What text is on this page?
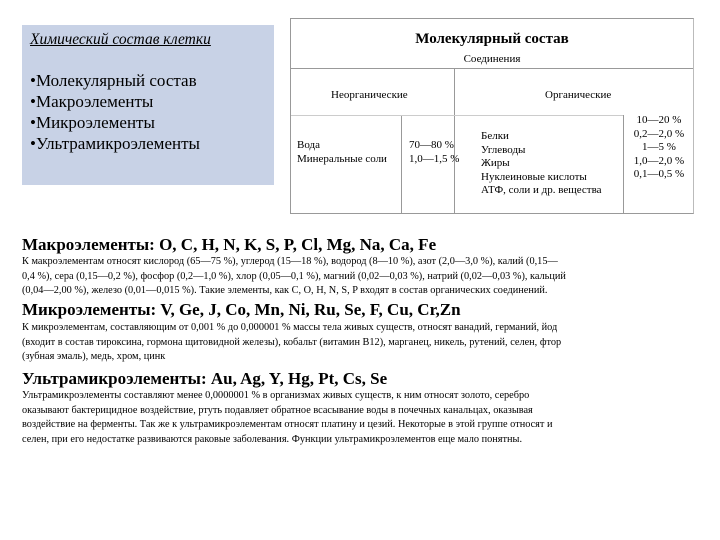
Химический состав клетки
•Молекулярный состав
•Макроэлементы
•Микроэлементы
•Ультрамикроэлементы
Молекулярный состав
Соединения
Неорганические	Органические
Вода
Минеральные соли
70—80 %
1,0—1,5 %
Белки
Углеводы
Жиры
Нуклеиновые кислоты
АТФ, соли и др. вещества
10—20 %
0,2—2,0 %
1—5 %
1,0—2,0 %
0,1—0,5 %
Макроэлементы: O, C, H, N, K, S, P, Cl, Mg, Na, Ca, Fe
К макроэлементам относят кислород (65—75 %), углерод (15—18 %), водород (8—10 %), азот (2,0—3,0 %), калий (0,15—
0,4 %), сера (0,15—0,2 %), фосфор (0,2—1,0 %), хлор (0,05—0,1 %), магний (0,02—0,03 %), натрий (0,02—0,03 %), кальций
(0,04—2,00 %), железо (0,01—0,015 %). Такие элементы, как C, O, H, N, S, P входят в состав органических соединений.
Микроэлементы: V, Ge, J, Co, Mn, Ni, Ru, Se, F, Cu, Cr,Zn
К микроэлементам, составляющим от 0,001 % до 0,000001 % массы тела живых существ, относят ванадий, германий, йод
(входит в состав тироксина, гормона щитовидной железы), кобальт (витамин В12), марганец, никель, рутений, селен, фтор
(зубная эмаль), медь, хром, цинк
Ультрамикроэлементы: Au, Ag, Y, Hg, Pt, Cs, Se
Ультрамикроэлементы составляют менее 0,0000001 % в организмах живых существ, к ним относят золото, серебро
оказывают бактерицидное воздействие, ртуть подавляет обратное всасывание воды в почечных канальцах, оказывая
воздействие на ферменты. Так же к ультрамикроэлементам относят платину и цезий. Некоторые в этой группе относят и
селен, при его недостатке развиваются раковые заболевания. Функции ультрамикроэлементов еще мало понятны.
